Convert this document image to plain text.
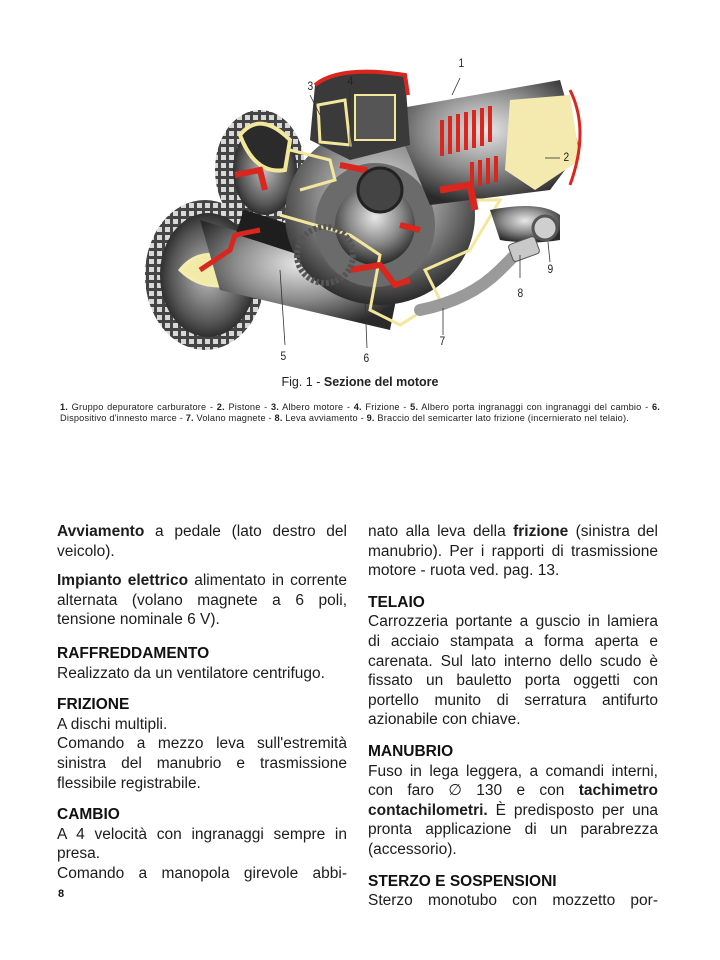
1
2
3	4
5	6
7
8
9
Fig. 1 - Sezione del motore
1. Gruppo depuratore carburatore - 2. Pistone - 3. Albero motore - 4. Frizione - 5. Albero porta ingranaggi con ingranaggi del cambio - 6. Dispositivo d'innesto marce - 7. Volano magnete - 8. Leva avviamento - 9. Braccio del semicarter lato frizione (incernierato nel telaio).

Avviamento a pedale (lato destro del veicolo).

Impianto elettrico alimentato in corrente alternata (volano magnete a 6 poli, tensione nominale 6 V).

RAFFREDDAMENTO

Realizzato da un ventilatore centrifugo.

FRIZIONE

A dischi multipli.

Comando a mezzo leva sull'estremità sinistra del manubrio e trasmissione flessibile registrabile.

CAMBIO

A 4 velocità con ingranaggi sempre in presa.

Comando a manopola girevole abbi-

nato alla leva della frizione (sinistra del manubrio). Per i rapporti di trasmissione motore - ruota ved. pag. 13.

TELAIO

Carrozzeria portante a guscio in lamiera di acciaio stampata a forma aperta e carenata. Sul lato interno dello scudo è fissato un bauletto porta oggetti con portello munito di serratura antifurto azionabile con chiave.

MANUBRIO

Fuso in lega leggera, a comandi interni, con faro ∅ 130 e con tachimetro contachilometri. È predisposto per una pronta applicazione di un parabrezza (accessorio).

STERZO E SOSPENSIONI

Sterzo monotubo con mozzetto por-

8
